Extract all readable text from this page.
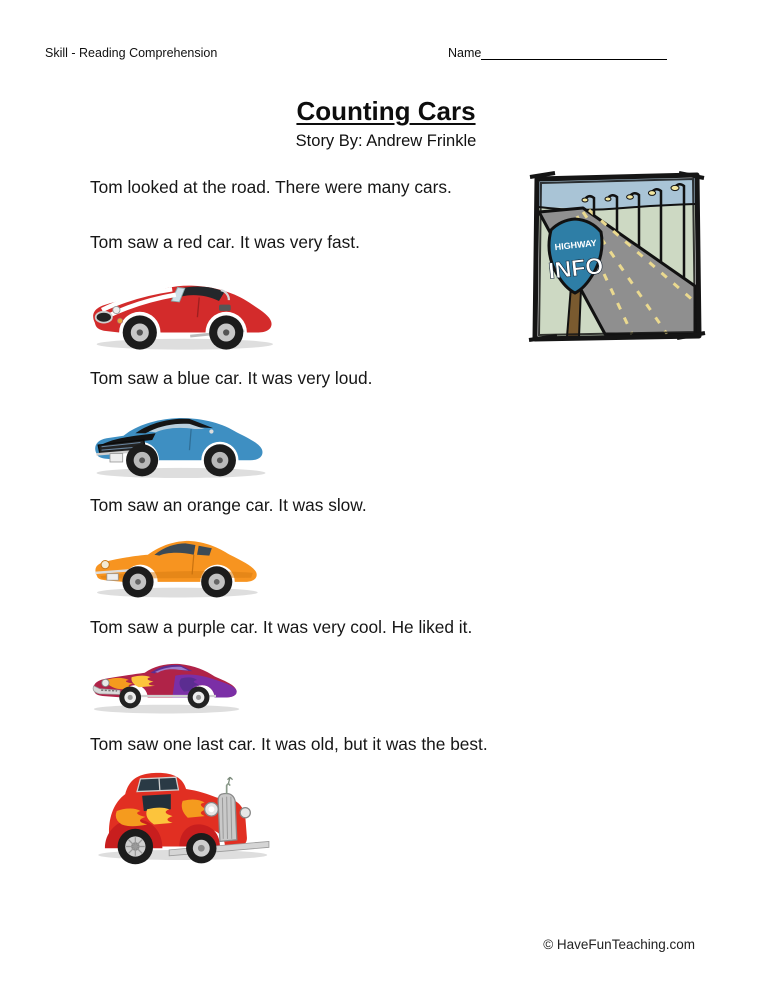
Skill - Reading Comprehension	Name
Counting Cars
Story By: Andrew Frinkle
Tom looked at the road. There were many cars.
Tom saw a red car. It was very fast.
Tom saw a blue car. It was very loud.
Tom saw an orange car. It was slow.
Tom saw a purple car. It was very cool. He liked it.
Tom saw one last car. It was old, but it was the best.
HIGHWAY
INFO
© HaveFunTeaching.com
